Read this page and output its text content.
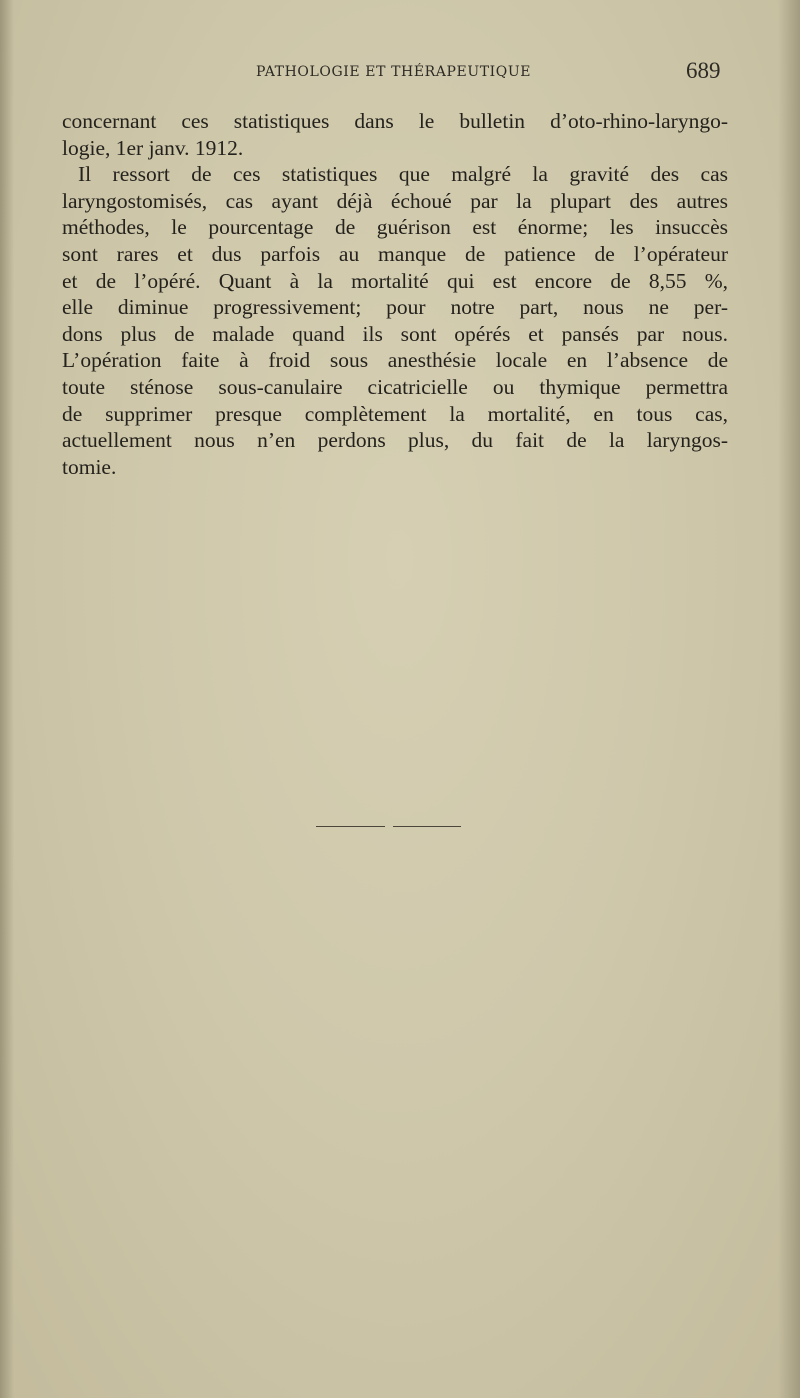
PATHOLOGIE ET THÉRAPEUTIQUE	689
concernant ces statistiques dans le bulletin d’oto-rhino-laryngo-
logie, 1er janv. 1912.
Il ressort de ces statistiques que malgré la gravité des cas
laryngostomisés, cas ayant déjà échoué par la plupart des autres
méthodes, le pourcentage de guérison est énorme; les insuccès
sont rares et dus parfois au manque de patience de l’opérateur
et de l’opéré. Quant à la mortalité qui est encore de 8,55 %,
elle diminue progressivement; pour notre part, nous ne per-
dons plus de malade quand ils sont opérés et pansés par nous.
L’opération faite à froid sous anesthésie locale en l’absence de
toute sténose sous-canulaire cicatricielle ou thymique permettra
de supprimer presque complètement la mortalité, en tous cas,
actuellement nous n’en perdons plus, du fait de la laryngos-
tomie.
